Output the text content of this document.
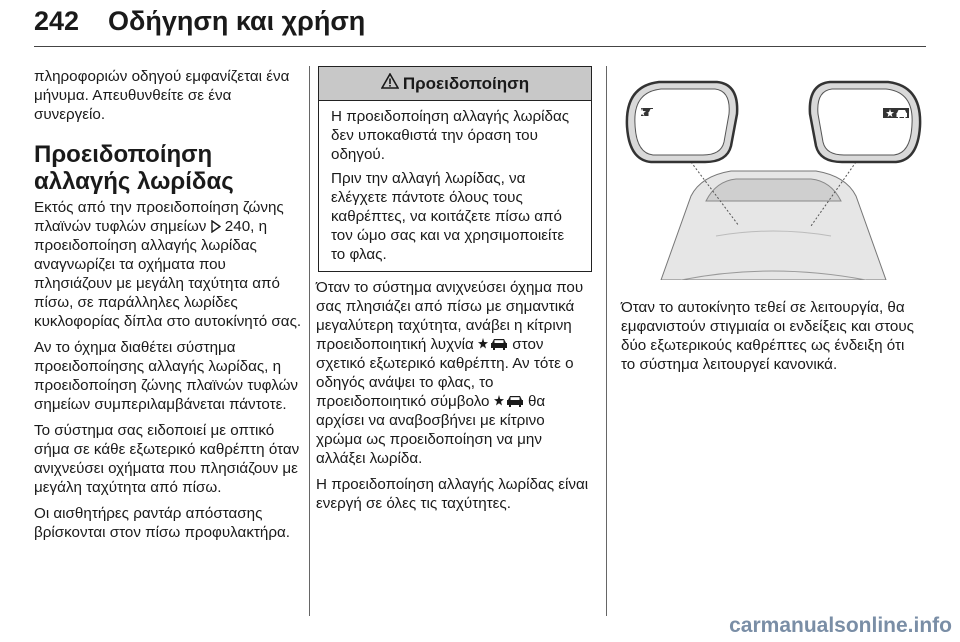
242 Οδήγηση και χρήση

πληροφοριών οδηγού εμφανίζεται ένα μήνυμα. Απευθυνθείτε σε ένα συνεργείο.

Προειδοποίηση αλλαγής λωρίδας

Εκτός από την προειδοποίηση ζώνης πλαϊνών τυφλών σημείων 240, η προειδοποίηση αλλαγής λωρίδας αναγνωρίζει τα οχήματα που πλησιάζουν με μεγάλη ταχύτητα από πίσω, σε παράλληλες λωρίδες κυκλοφορίας δίπλα στο αυτοκίνητό σας.

Αν το όχημα διαθέτει σύστημα προειδοποίησης αλλαγής λωρίδας, η προειδοποίηση ζώνης πλαϊνών τυφλών σημείων συμπεριλαμβάνεται πάντοτε.

Το σύστημα σας ειδοποιεί με οπτικό σήμα σε κάθε εξωτερικό καθρέπτη όταν ανιχνεύσει οχήματα που πλησιάζουν με μεγάλη ταχύτητα από πίσω.

Οι αισθητήρες ραντάρ απόστασης βρίσκονται στον πίσω προφυλακτήρα.

Προειδοποίηση

Η προειδοποίηση αλλαγής λωρίδας δεν υποκαθιστά την όραση του οδηγού.

Πριν την αλλαγή λωρίδας, να ελέγχετε πάντοτε όλους τους καθρέπτες, να κοιτάζετε πίσω από τον ώμο σας και να χρησιμοποιείτε το φλας.

Όταν το σύστημα ανιχνεύσει όχημα που σας πλησιάζει από πίσω με σημαντικά μεγαλύτερη ταχύτητα, ανάβει η κίτρινη προειδοποιητική λυχνία	στον σχετικό εξωτερικό καθρέπτη. Αν τότε ο οδηγός ανάψει το φλας, το προειδοποιητικό σύμβολο	θα αρχίσει να αναβοσβήνει με κίτρινο χρώμα ως προειδοποίηση να μην αλλάξει λωρίδα.

Η προειδοποίηση αλλαγής λωρίδας είναι ενεργή σε όλες τις ταχύτητες.

Όταν το αυτοκίνητο τεθεί σε λειτουργία, θα εμφανιστούν στιγμιαία οι ενδείξεις και στους δύο εξωτερικούς καθρέπτες ως ένδειξη ότι το σύστημα λειτουργεί κανονικά.

carmanualsonline.info
